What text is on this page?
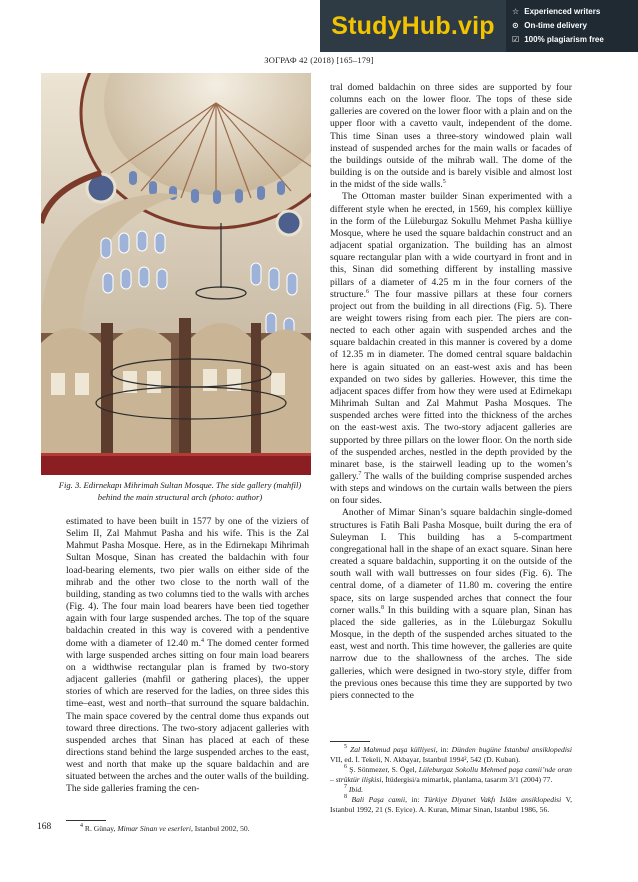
StudyHub.vip
☆ Experienced writers
⊙ On-time delivery
☑ 100% plagiarism free
ЗОГРАФ 42 (2018) [165–179]
Fig. 3. Edirnekapı Mihrimah Sultan Mosque. The side gallery (mahfil) behind the main structural arch (photo: author)

estimated to have been built in 1577 by one of the viziers of Selim II, Zal Mahmut Pasha and his wife. This is the Zal Mahmut Pasha Mosque. Here, as in the Edirnekapı Mihrimah Sultan Mosque, Sinan has created the baldachin with four load-bearing elements, two pier walls on either side of the mihrab and the other two close to the north wall of the building, standing as two columns tied to the walls with arches (Fig. 4). The four main load bearers have been tied together again with four large suspended arches. The top of the square baldachin created in this way is covered with a pendentive dome with a diameter of 12.40 m.$^4$ The domed center formed with large suspended arches sitting on four main load bearers on a widthwise rectangular plan is framed by two-story adjacent galleries (mahfil or gathering places), the upper stories of which are reserved for the ladies, on three sides this time–east, west and north–that surround the square baldachin. The main space covered by the central dome thus expands out toward three directions. The two-story adjacent galleries with suspended arches that Sinan has placed at each of these directions stand behind the large suspended arches to the east, west and north that make up the square baldachin and are situated between the arches and the outer walls of the building. The side galleries framing the cen-

tral domed baldachin on three sides are supported by four columns each on the lower floor. The tops of these side galleries are covered on the lower floor with a plain and on the upper floor with a cavetto vault, independent of the dome. This time Sinan uses a three-story windowed plain wall instead of suspended arches for the main walls or facades of the buildings outside of the mihrab wall. The dome of the building is on the outside and is barely visible and almost lost in the midst of the side walls.$^5$

The Ottoman master builder Sinan experimented with a different style when he erected, in 1569, his complex külliye in the form of the Lüleburgaz Sokullu Mehmet Pasha külliye Mosque, where he used the square baldachin construct and an adjacent spatial organization. The building has an almost square rectangular plan with a wide courtyard in front and in this, Sinan did something different by installing massive pillars of a diameter of 4.25 m in the four corners of the structure.$^6$ The four massive pillars at these four corners project out from the building in all directions (Fig. 5). There are weight towers rising from each pier. The piers are connected to each other again with suspended arches and the square baldachin created in this manner is covered by a dome of 12.35 m in diameter. The domed central square baldachin here is again situated on an east-west axis and has been expanded on two sides by galleries. However, this time the adjacent spaces differ from how they were used at Edirnekapı Mihrimah Sultan and Zal Mahmut Pasha Mosques. The suspended arches were fitted into the thickness of the arches on the east-west axis. The two-story adjacent galleries are supported by three pillars on the lower floor. On the north side of the suspended arches, nestled in the depth provided by the minaret base, is the stairwell leading up to the women’s gallery.$^7$ The walls of the building comprise suspended arches with steps and windows on the curtain walls between the piers on four sides.

Another of Mimar Sinan’s square baldachin single-domed structures is Fatih Bali Pasha Mosque, built during the era of Suleyman I. This building has a 5-compartment congregational hall in the shape of an exact square. Sinan here created a square baldachin, supporting it on the outside of the south wall with wall buttresses on four sides (Fig. 6). The central dome, of a diameter of 11.80 m. covering the entire space, sits on large suspended arches that connect the four corner walls.$^8$ In this building with a square plan, Sinan has placed the side galleries, as in the Lüleburgaz Sokullu Mosque, in the depth of the suspended arches situated to the east, west and north. This time however, the galleries are quite narrow due to the shallowness of the arches. The side galleries, which were designed in two-story style, differ from the previous ones because this time they are supported by two piers connected to the

$^4$ R. Günay, Mimar Sinan ve eserleri, Istanbul 2002, 50.

$^5$ Zal Mahmud paşa külliyesi, in: Dünden bugüne İstanbul ansiklopedisi VII, ed. İ. Tekeli, N. Akbayar, Istanbul 1994², 542 (D. Kuban).

$^6$ Ş. Sönmezer, S. Ögel, Lüleburgaz Sokollu Mehmed paşa camii’nde oran – strüktür ilişkisi, İtüdergisi/a mimarlık, planlama, tasarım 3/1 (2004) 77.

$^7$ Ibid.

$^8$ Bali Paşa camii, in: Türkiye Diyanet Vakfı İslâm ansiklopedisi V, Istanbul 1992, 21 (S. Eyice). A. Kuran, Mimar Sinan, Istanbul 1986, 56.

168
